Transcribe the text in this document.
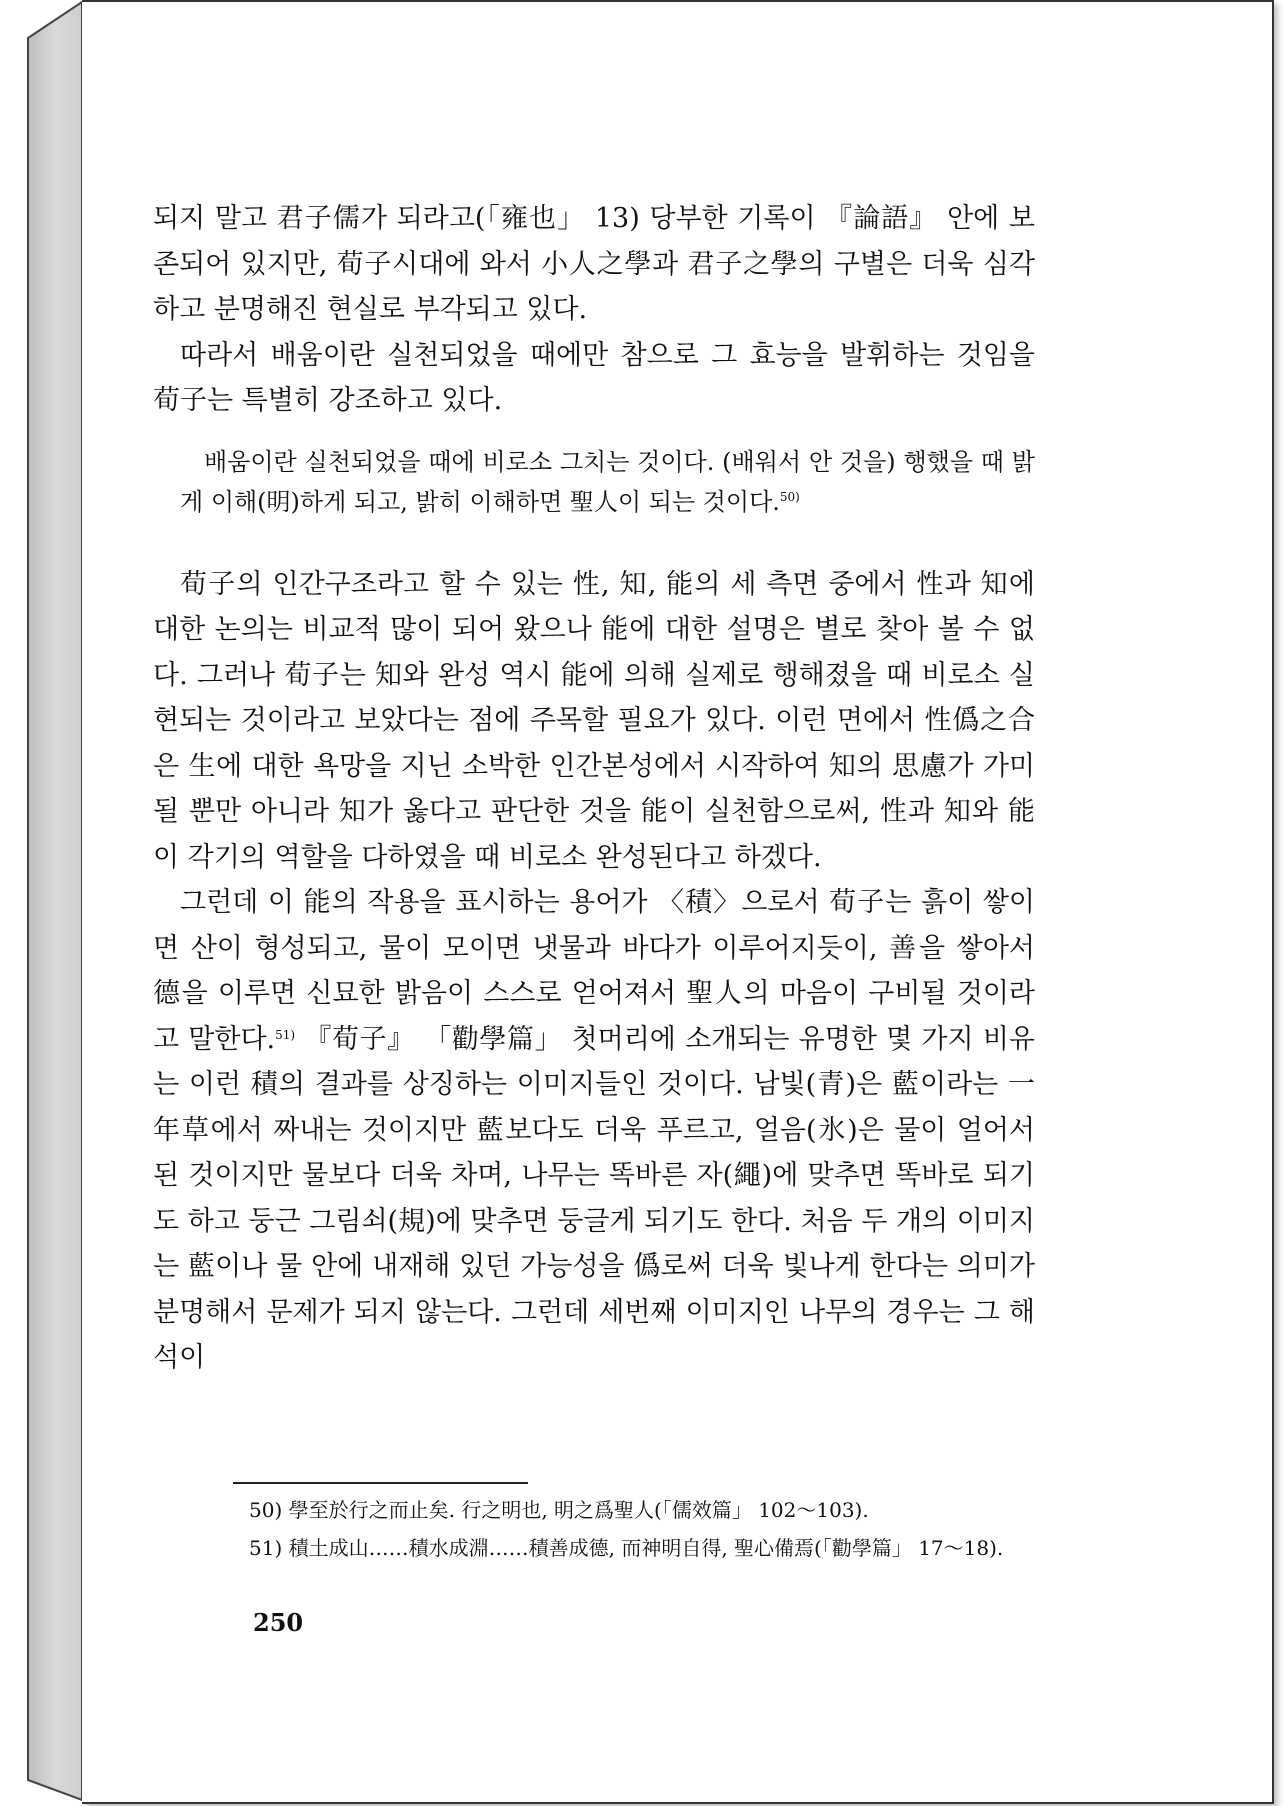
되지 말고 君子儒가 되라고(「雍也」 13) 당부한 기록이 『論語』 안에 보존되어 있지만, 荀子시대에 와서 小人之學과 君子之學의 구별은 더욱 심각하고 분명해진 현실로 부각되고 있다.

따라서 배움이란 실천되었을 때에만 참으로 그 효능을 발휘하는 것임을 荀子는 특별히 강조하고 있다.

배움이란 실천되었을 때에 비로소 그치는 것이다. (배워서 안 것을) 행했을 때 밝게 이해(明)하게 되고, 밝히 이해하면 聖人이 되는 것이다.$^{50)}$

荀子의 인간구조라고 할 수 있는 性, 知, 能의 세 측면 중에서 性과 知에 대한 논의는 비교적 많이 되어 왔으나 能에 대한 설명은 별로 찾아 볼 수 없다. 그러나 荀子는 知와 완성 역시 能에 의해 실제로 행해졌을 때 비로소 실현되는 것이라고 보았다는 점에 주목할 필요가 있다. 이런 면에서 性僞之合은 生에 대한 욕망을 지닌 소박한 인간본성에서 시작하여 知의 思慮가 가미될 뿐만 아니라 知가 옳다고 판단한 것을 能이 실천함으로써, 性과 知와 能이 각기의 역할을 다하였을 때 비로소 완성된다고 하겠다.

그런데 이 能의 작용을 표시하는 용어가 〈積〉으로서 荀子는 흙이 쌓이면 산이 형성되고, 물이 모이면 냇물과 바다가 이루어지듯이, 善을 쌓아서 德을 이루면 신묘한 밝음이 스스로 얻어져서 聖人의 마음이 구비될 것이라고 말한다.$^{51)}$ 『荀子』 「勸學篇」 첫머리에 소개되는 유명한 몇 가지 비유는 이런 積의 결과를 상징하는 이미지들인 것이다. 남빛(青)은 藍이라는 一年草에서 짜내는 것이지만 藍보다도 더욱 푸르고, 얼음(氷)은 물이 얼어서 된 것이지만 물보다 더욱 차며, 나무는 똑바른 자(繩)에 맞추면 똑바로 되기도 하고 둥근 그림쇠(規)에 맞추면 둥글게 되기도 한다. 처음 두 개의 이미지는 藍이나 물 안에 내재해 있던 가능성을 僞로써 더욱 빛나게 한다는 의미가 분명해서 문제가 되지 않는다. 그런데 세번째 이미지인 나무의 경우는 그 해석이

50) 學至於行之而止矣. 行之明也, 明之爲聖人(「儒效篇」 102～103).
51) 積土成山……積水成淵……積善成德, 而神明自得, 聖心備焉(「勸學篇」 17～18).
250
